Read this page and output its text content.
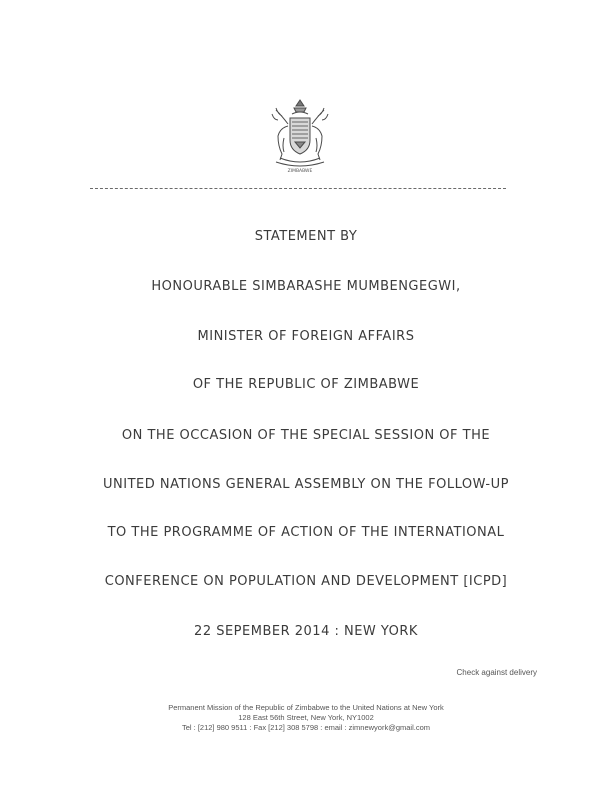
ZIMBABWE
STATEMENT BY
HONOURABLE SIMBARASHE MUMBENGEGWI,
MINISTER OF FOREIGN AFFAIRS
OF THE REPUBLIC OF ZIMBABWE
ON THE OCCASION OF THE SPECIAL SESSION OF THE
UNITED NATIONS GENERAL ASSEMBLY ON THE FOLLOW-UP
TO THE PROGRAMME OF ACTION OF THE INTERNATIONAL
CONFERENCE ON POPULATION AND DEVELOPMENT [ICPD]
22 SEPEMBER 2014 : NEW YORK
Check against delivery
Permanent Mission of the Republic of Zimbabwe to the United Nations at New York
128 East 56th Street, New York, NY1002
Tel : [212] 980 9511 : Fax [212] 308 5798 : email : zimnewyork@gmail.com
